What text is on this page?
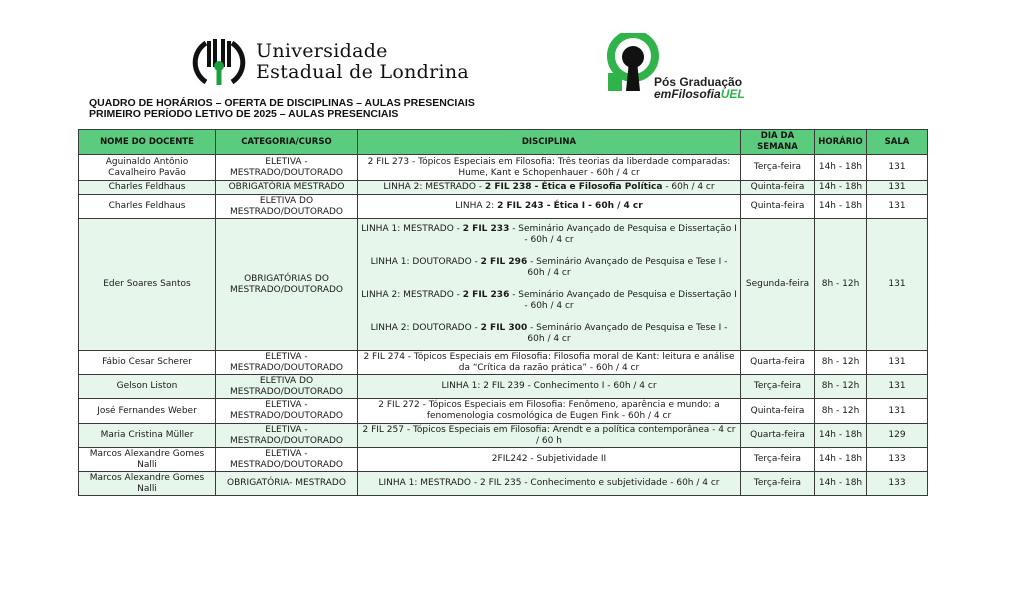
Universidade
Estadual de Londrina	Pós Graduação
emFilosofiaUEL
QUADRO DE HORÁRIOS – OFERTA DE DISCIPLINAS – AULAS PRESENCIAIS
PRIMEIRO PERÍODO LETIVO DE 2025 – AULAS PRESENCIAIS
NOME DO DOCENTE	CATEGORIA/CURSO	DISCIPLINA	DIA DA SEMANA	HORÁRIO	SALA
Aguinaldo Antônio Cavalheiro Pavão	ELETIVA - MESTRADO/DOUTORADO	2 FIL 273 - Tópicos Especiais em Filosofia: Três teorias da liberdade comparadas: Hume, Kant e Schopenhauer - 60h / 4 cr	Terça-feira	14h - 18h	131
Charles Feldhaus	OBRIGATÓRIA MESTRADO	LINHA 2: MESTRADO - 2 FIL 238 - Ética e Filosofia Política - 60h / 4 cr	Quinta-feira	14h - 18h	131
Charles Feldhaus	ELETIVA DO MESTRADO/DOUTORADO	LINHA 2: 2 FIL 243 - Ética I - 60h / 4 cr	Quinta-feira	14h - 18h	131
Eder Soares Santos	OBRIGATÓRIAS DO MESTRADO/DOUTORADO	LINHA 1: MESTRADO - 2 FIL 233 - Seminário Avançado de Pesquisa e Dissertação I - 60h / 4 cr
LINHA 1: DOUTORADO - 2 FIL 296 - Seminário Avançado de Pesquisa e Tese I - 60h / 4 cr
LINHA 2: MESTRADO - 2 FIL 236 - Seminário Avançado de Pesquisa e Dissertação I - 60h / 4 cr
LINHA 2: DOUTORADO - 2 FIL 300 - Seminário Avançado de Pesquisa e Tese I - 60h / 4 cr	Segunda-feira	8h - 12h	131
Fábio Cesar Scherer	ELETIVA - MESTRADO/DOUTORADO	2 FIL 274 - Tópicos Especiais em Filosofia: Filosofia moral de Kant: leitura e análise da “Crítica da razão prática” - 60h / 4 cr	Quarta-feira	8h - 12h	131
Gelson Liston	ELETIVA DO MESTRADO/DOUTORADO	LINHA 1: 2 FIL 239 - Conhecimento I - 60h / 4 cr	Terça-feira	8h - 12h	131
José Fernandes Weber	ELETIVA - MESTRADO/DOUTORADO	2 FIL 272 - Tópicos Especiais em Filosofia: Fenômeno, aparência e mundo: a fenomenologia cosmológica de Eugen Fink - 60h / 4 cr	Quinta-feira	8h - 12h	131
Maria Cristina Müller	ELETIVA - MESTRADO/DOUTORADO	2 FIL 257 - Tópicos Especiais em Filosofia: Arendt e a política contemporânea - 4 cr / 60 h	Quarta-feira	14h - 18h	129
Marcos Alexandre Gomes Nalli	ELETIVA - MESTRADO/DOUTORADO	2FIL242 - Subjetividade II	Terça-feira	14h - 18h	133
Marcos Alexandre Gomes Nalli	OBRIGATÓRIA- MESTRADO	LINHA 1: MESTRADO - 2 FIL 235 - Conhecimento e subjetividade - 60h / 4 cr	Terça-feira	14h - 18h	133
